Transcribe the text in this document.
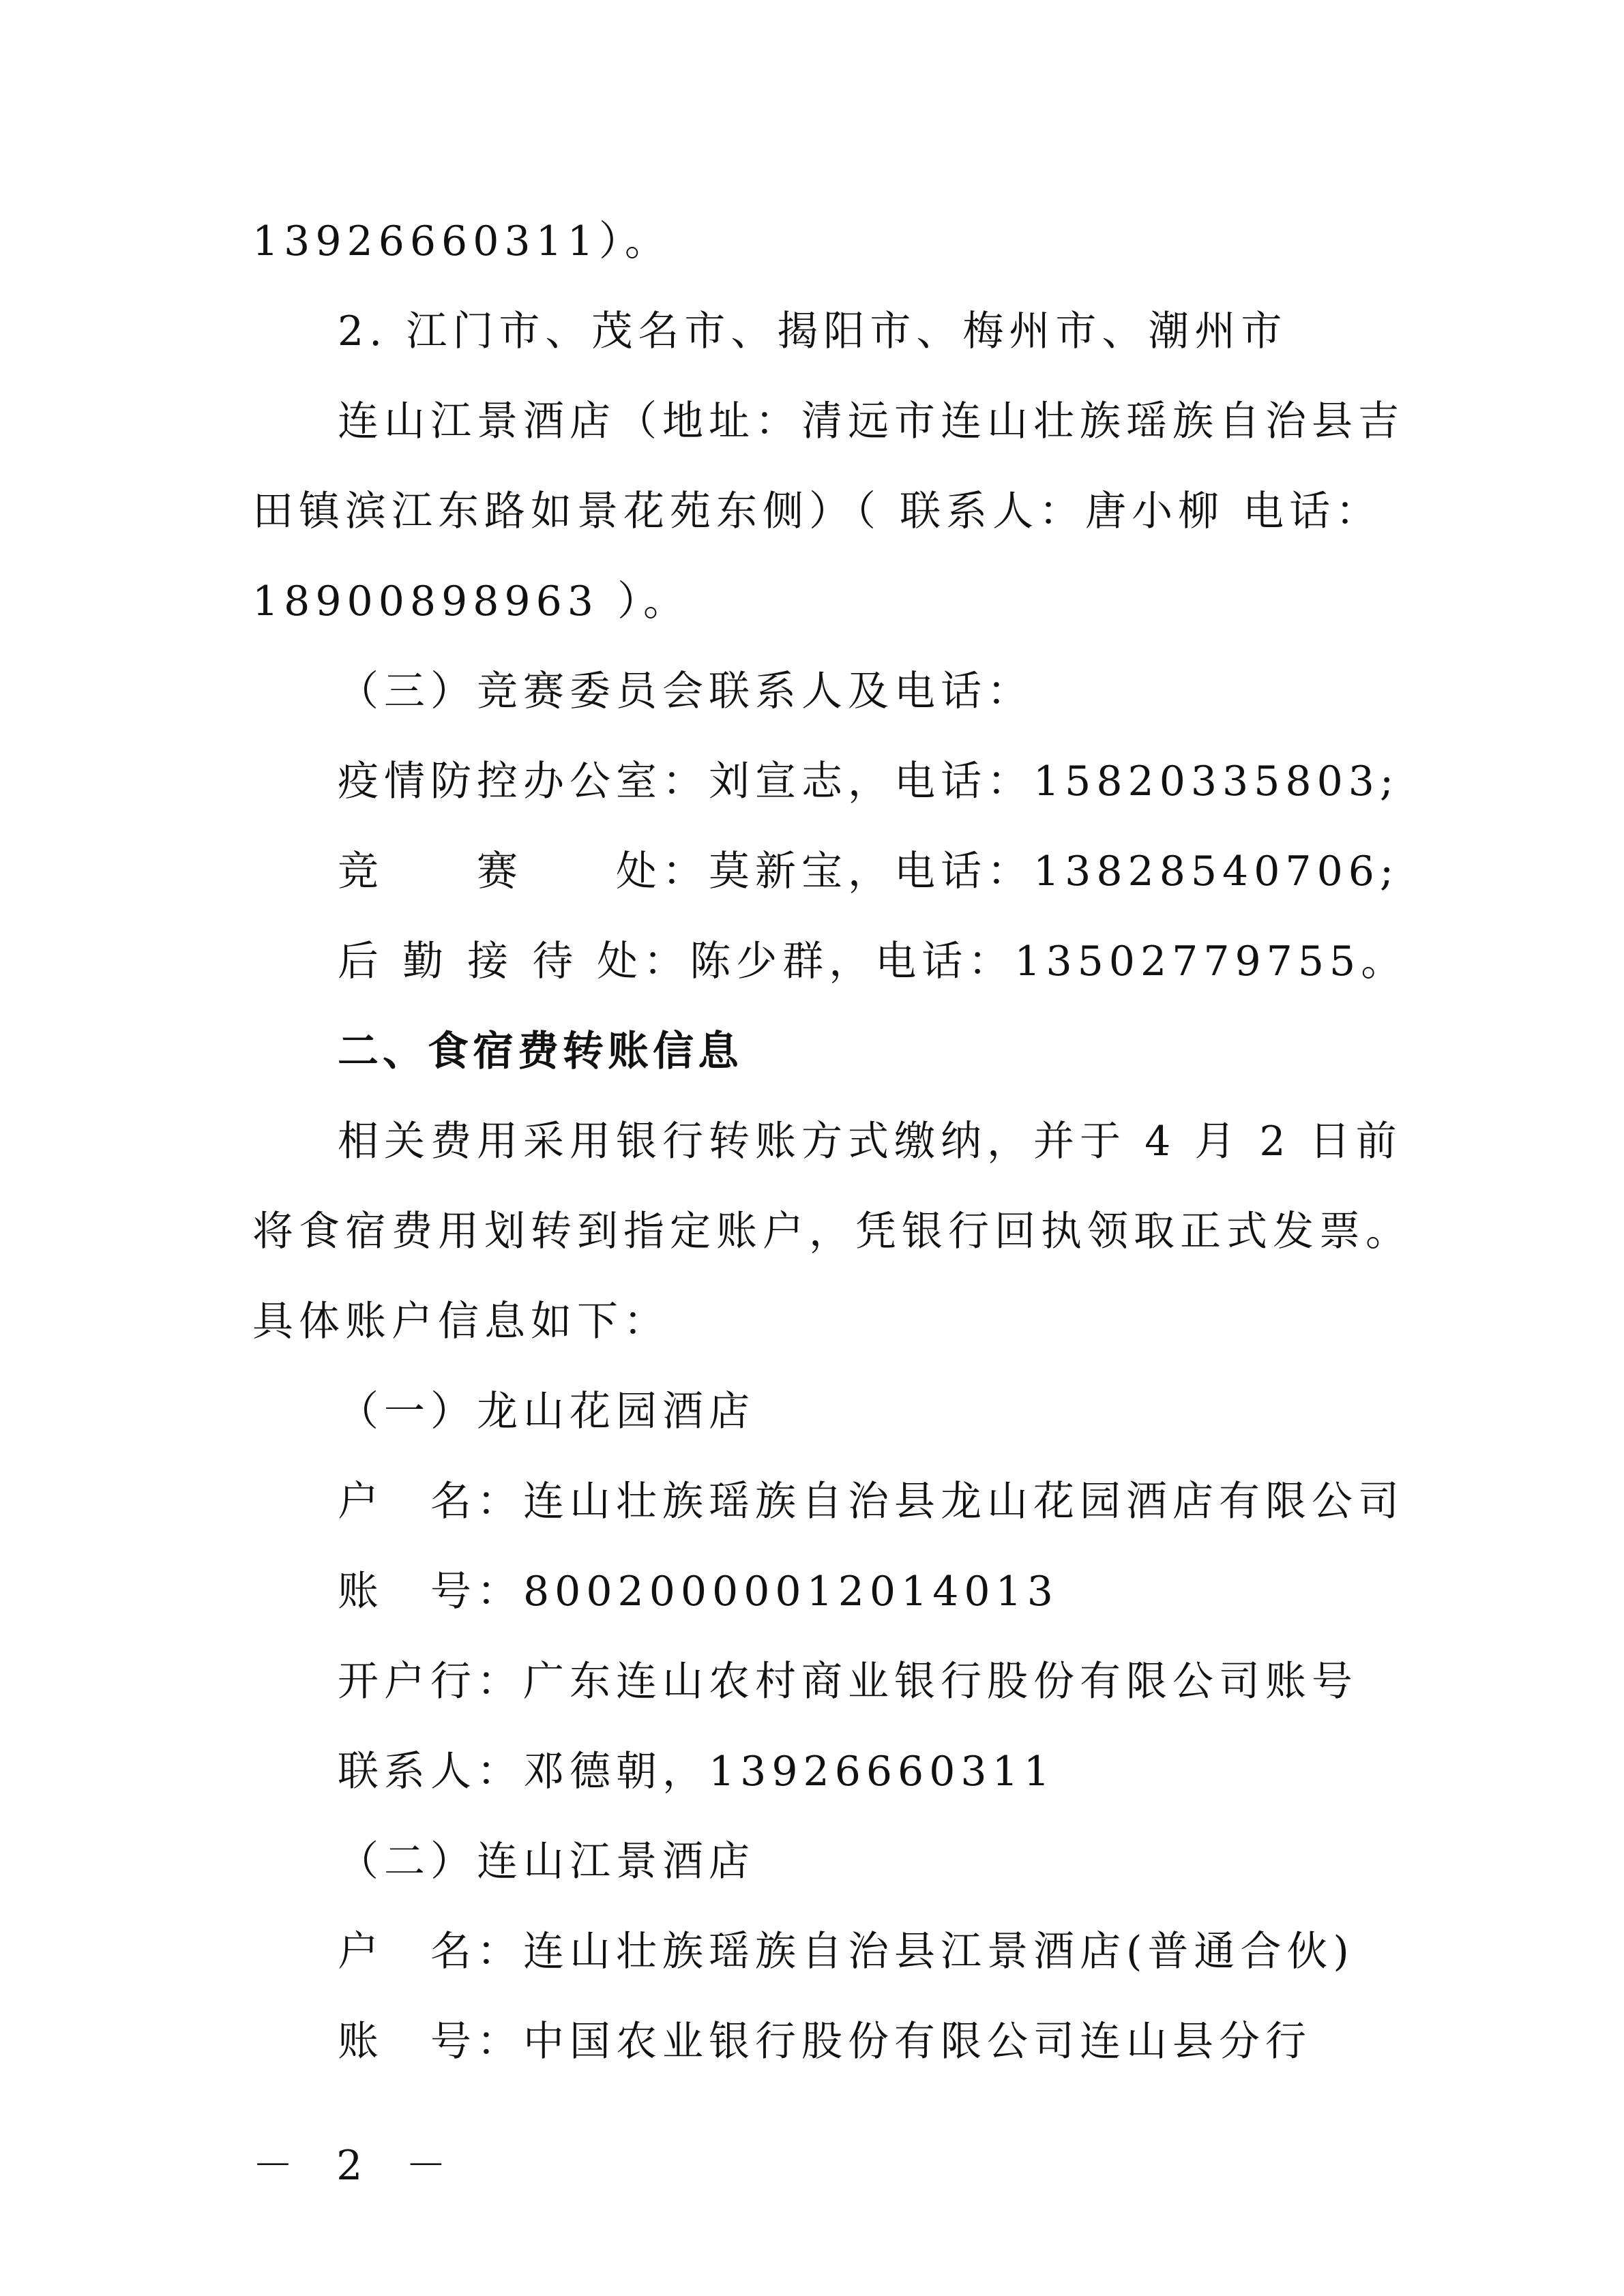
13926660311）。
2. 江门市、茂名市、揭阳市、梅州市、潮州市
连山江景酒店（地址：清远市连山壮族瑶族自治县吉
田镇滨江东路如景花苑东侧）（ 联系人：唐小柳 电话：
18900898963 ）。
（三）竞赛委员会联系人及电话：
疫情防控办公室：刘宣志，电话：15820335803;
竞　　赛　　处：莫新宝，电话：13828540706;
后 勤 接 待 处：陈少群，电话：13502779755。
二、食宿费转账信息
相关费用采用银行转账方式缴纳，并于 4 月 2 日前
将食宿费用划转到指定账户，凭银行回执领取正式发票。
具体账户信息如下：
（一）龙山花园酒店
户　名：连山壮族瑶族自治县龙山花园酒店有限公司
账　号：80020000012014013
开户行：广东连山农村商业银行股份有限公司账号
联系人：邓德朝，13926660311
（二）连山江景酒店
户　名：连山壮族瑶族自治县江景酒店(普通合伙)
账　号：中国农业银行股份有限公司连山县分行
－ 2 －
